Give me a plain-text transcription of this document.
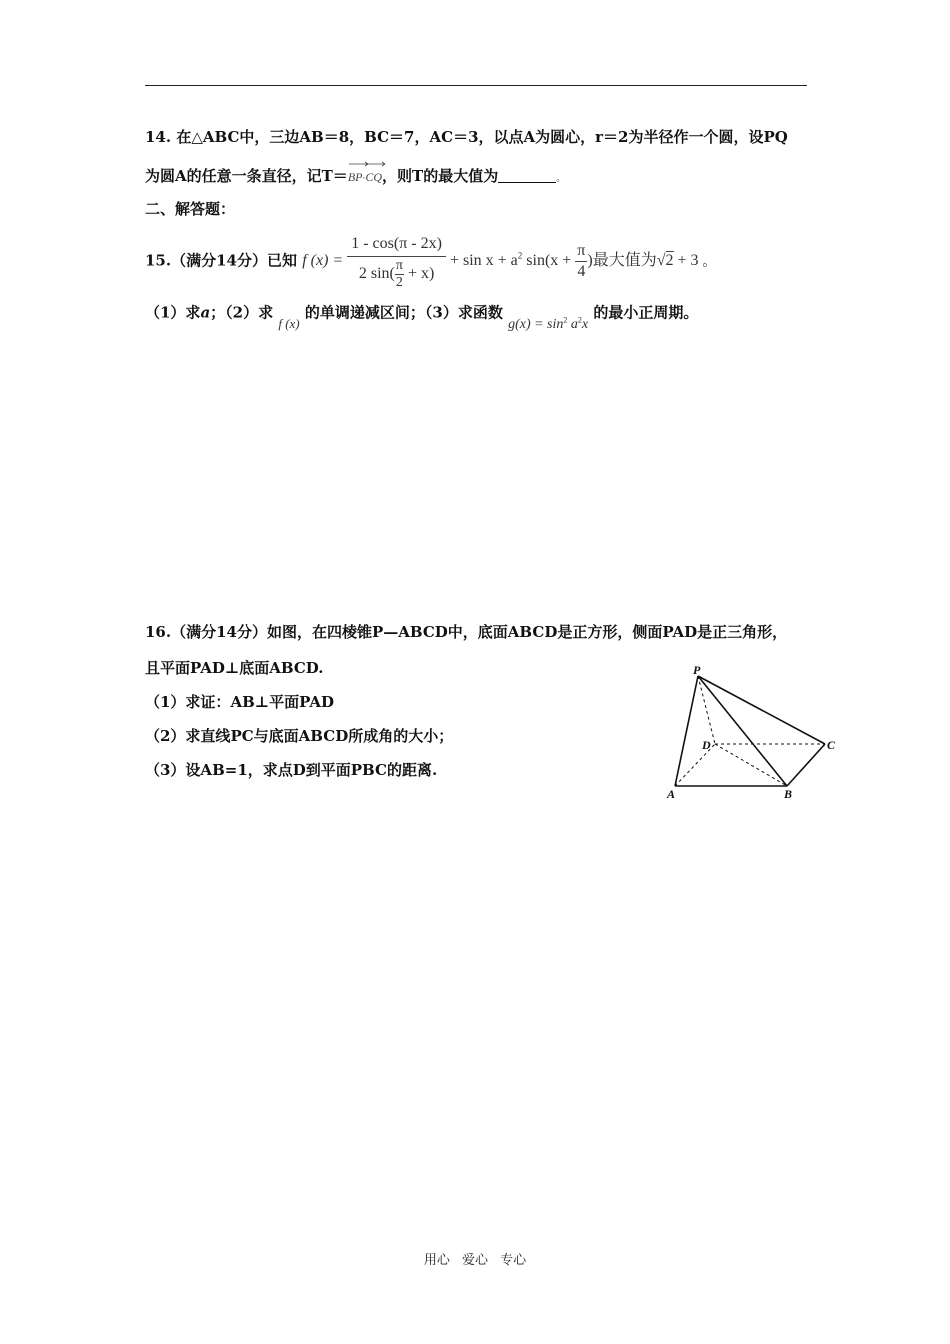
14. 在△ABC中，三边AB＝8，BC＝7，AC＝3，以点A为圆心，r＝2为半径作一个圆，设PQ
为圆A的任意一条直径，记T＝
BP·
CQ，则T的最大值为	。
二、解答题：
15.（满分14分）已知 f $(x) = \frac{1 - \cos(\pi - 2x)}{2 \sin( \frac{\pi}{2} + x)} + \sin x + a^2$ $\sin(x + \frac{\pi}{4}$ )最大值为√2 + 3 。
（1）求a；（2）求 f (x) 的单调递减区间；（3）求函数 $g(x) = \sin^2 a^2x$ 的最小正周期。
16.（满分14分）如图，在四棱锥P—ABCD中，底面ABCD是正方形，侧面PAD是正三角形，
且平面PAD⊥底面ABCD.
（1）求证：AB⊥平面PAD
（2）求直线PC与底面ABCD所成角的大小；
（3）设AB=1，求点D到平面PBC的距离.
P
D	C
A	B
用心 爱心 专心
